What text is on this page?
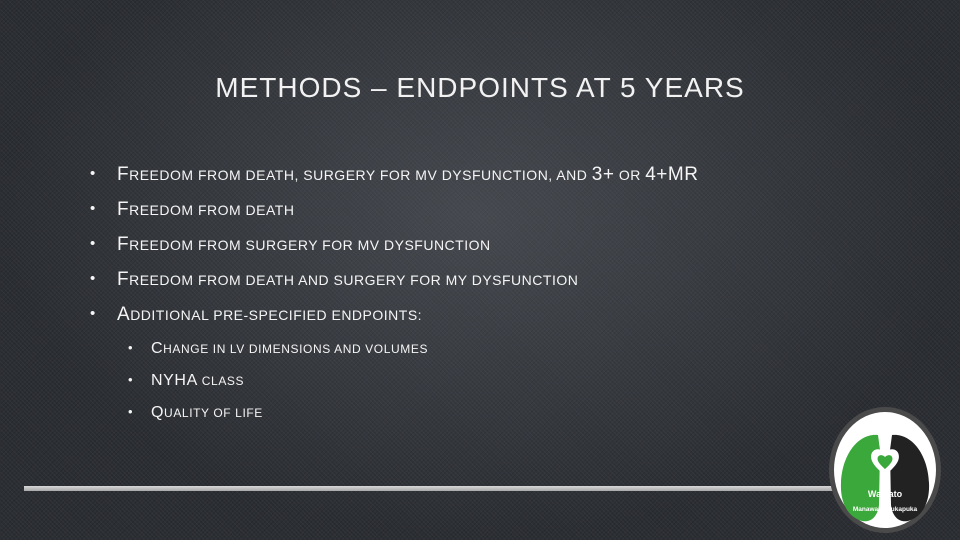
METHODS – ENDPOINTS AT 5 YEARS
• FREEDOM FROM DEATH, SURGERY FOR MV DYSFUNCTION, AND 3+ OR 4+MR
• FREEDOM FROM DEATH
• FREEDOM FROM SURGERY FOR MV DYSFUNCTION
• FREEDOM FROM DEATH AND SURGERY FOR MY DYSFUNCTION
• ADDITIONAL PRE-SPECIFIED ENDPOINTS:
• CHANGE IN LV DIMENSIONS AND VOLUMES
• NYHA CLASS
• QUALITY OF LIFE
Waikato
Manawa & Pukapuka
